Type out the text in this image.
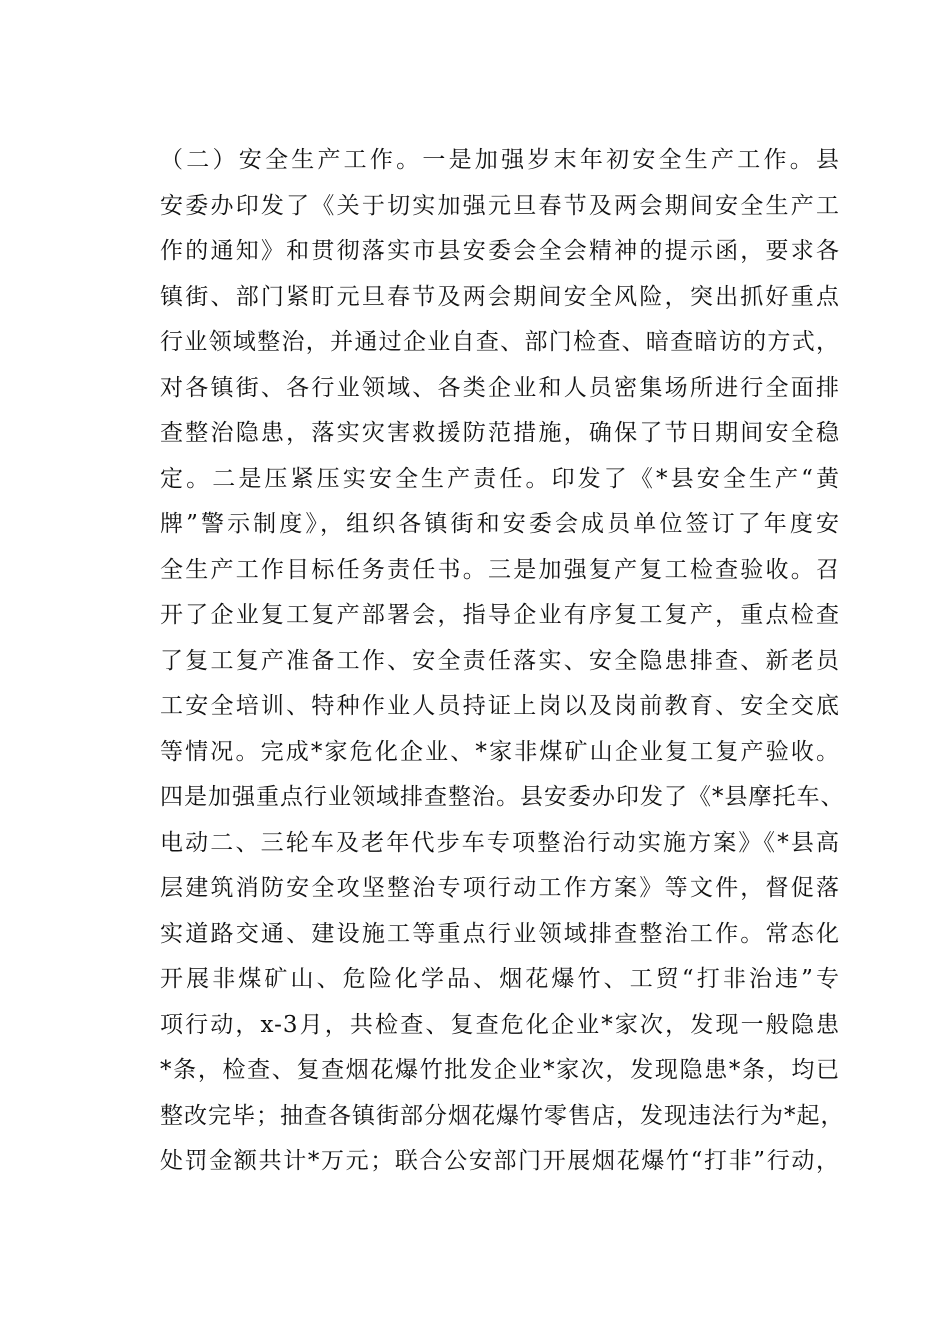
（二）安全生产工作。一是加强岁末年初安全生产工作。县
安委办印发了《关于切实加强元旦春节及两会期间安全生产工
作的通知》和贯彻落实市县安委会全会精神的提示函，要求各
镇街、部门紧盯元旦春节及两会期间安全风险，突出抓好重点
行业领域整治，并通过企业自查、部门检查、暗查暗访的方式，
对各镇街、各行业领域、各类企业和人员密集场所进行全面排
查整治隐患，落实灾害救援防范措施，确保了节日期间安全稳
定。二是压紧压实安全生产责任。印发了《*县安全生产“黄
牌”警示制度》，组织各镇街和安委会成员单位签订了年度安
全生产工作目标任务责任书。三是加强复产复工检查验收。召
开了企业复工复产部署会，指导企业有序复工复产，重点检查
了复工复产准备工作、安全责任落实、安全隐患排查、新老员
工安全培训、特种作业人员持证上岗以及岗前教育、安全交底
等情况。完成*家危化企业、*家非煤矿山企业复工复产验收。
四是加强重点行业领域排查整治。县安委办印发了《*县摩托车、
电动二、三轮车及老年代步车专项整治行动实施方案》《*县高
层建筑消防安全攻坚整治专项行动工作方案》等文件，督促落
实道路交通、建设施工等重点行业领域排查整治工作。常态化
开展非煤矿山、危险化学品、烟花爆竹、工贸“打非治违”专
项行动，x-3月，共检查、复查危化企业*家次，发现一般隐患
*条，检查、复查烟花爆竹批发企业*家次，发现隐患*条，均已
整改完毕；抽查各镇街部分烟花爆竹零售店，发现违法行为*起，
处罚金额共计*万元；联合公安部门开展烟花爆竹“打非”行动，
